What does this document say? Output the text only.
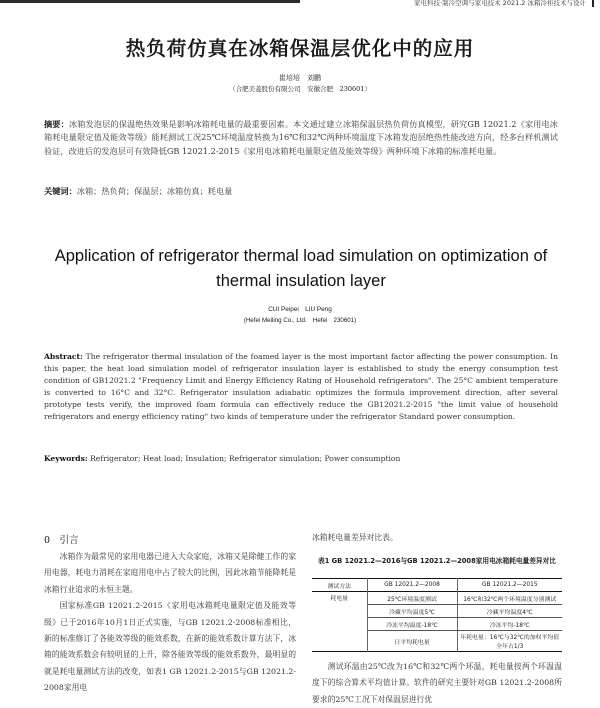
家电科技·制冷空调与家电技术 2021.2 冰箱冷柜技术与设计
热负荷仿真在冰箱保温层优化中的应用
崔培培　刘鹏
（合肥美菱股份有限公司　安徽合肥　230601）
摘要：冰箱发泡层的保温绝热效果是影响冰箱耗电量的最重要因素。本文通过建立冰箱保温层热负荷仿真模型，研究GB 12021.2《家用电冰箱耗电量限定值及能效等级》能耗测试工况25℃环境温度转换为16℃和32℃两种环境温度下冰箱发泡层绝热性能改进方向，经多台样机测试验证，改进后的发泡层可有效降低GB 12021.2-2015《家用电冰箱耗电量限定值及能效等级》两种环境下冰箱的标准耗电量。
关键词：冰箱；热负荷；保温层；冰箱仿真；耗电量
Application of refrigerator thermal load simulation on optimization of thermal insulation layer
CUI Peipei　LIU Peng
(Hefei Meiling Co., Ltd.　Hefei　230601)
Abstract: The refrigerator thermal insulation of the foamed layer is the most important factor affecting the power consumption. In this paper, the heat load simulation model of refrigerator insulation layer is established to study the energy consumption test condition of GB12021.2 "Frequency Limit and Energy Efficiency Rating of Household refrigerators". The 25°C ambient temperature is converted to 16°C and 32°C. Refrigerator insulation adiabatic optimizes the formula improvement direction, after several prototype tests verify, the improved foam formula can effectively reduce the GB12021.2-2015 "the limit value of household refrigerators and energy efficiency rating" two kinds of temperature under the refrigerator Standard power consumption.
Keywords: Refrigerator; Heat load; Insulation; Refrigerator simulation; Power consumption
0　引言

冰箱作为最常见的家用电器已进入大众家庭，冰箱又是除健工作的家用电器，耗电力消耗在家庭用电中占了较大的比例，因此冰箱节能降耗是冰箱行业追求的永恒主题。

国家标准GB 12021.2-2015《家用电冰箱耗电量限定值及能效等级》已于2016年10月1日正式实施，与GB 12021.2-2008标准相比，新的标准修订了各能效等级的能效系数，在新的能效系数计算方法下，冰箱的能效系数会有较明显的上升，除各能效等级的能效系数外，最明显的就是耗电量测试方法的改变，如表1 GB 12021.2-2015与GB 12021.2-2008家用电

冰箱耗电量差异对比表。
表1 GB 12021.2—2016与GB 12021.2—2008家用电冰箱耗电量差异对比
测试方法	GB 12021.2—2008	GB 12021.2—2015
耗电量	25℃环境温度测试	16℃和32℃两个环境温度分别测试
	冷藏平均温度5℃	冷藏平均温度4℃
	冷冻平均温度-18℃	冷冻平均-18℃
	日平均耗电量	年耗电量：16℃与32℃的加权平均值
全年占1/3

测试环温由25℃改为16℃和32℃两个环温，耗电量按两个环温温度下的综合算术平均值计算。软件的研究主要针对GB 12021.2-2008所要求的25℃工况下对保温层进行优
